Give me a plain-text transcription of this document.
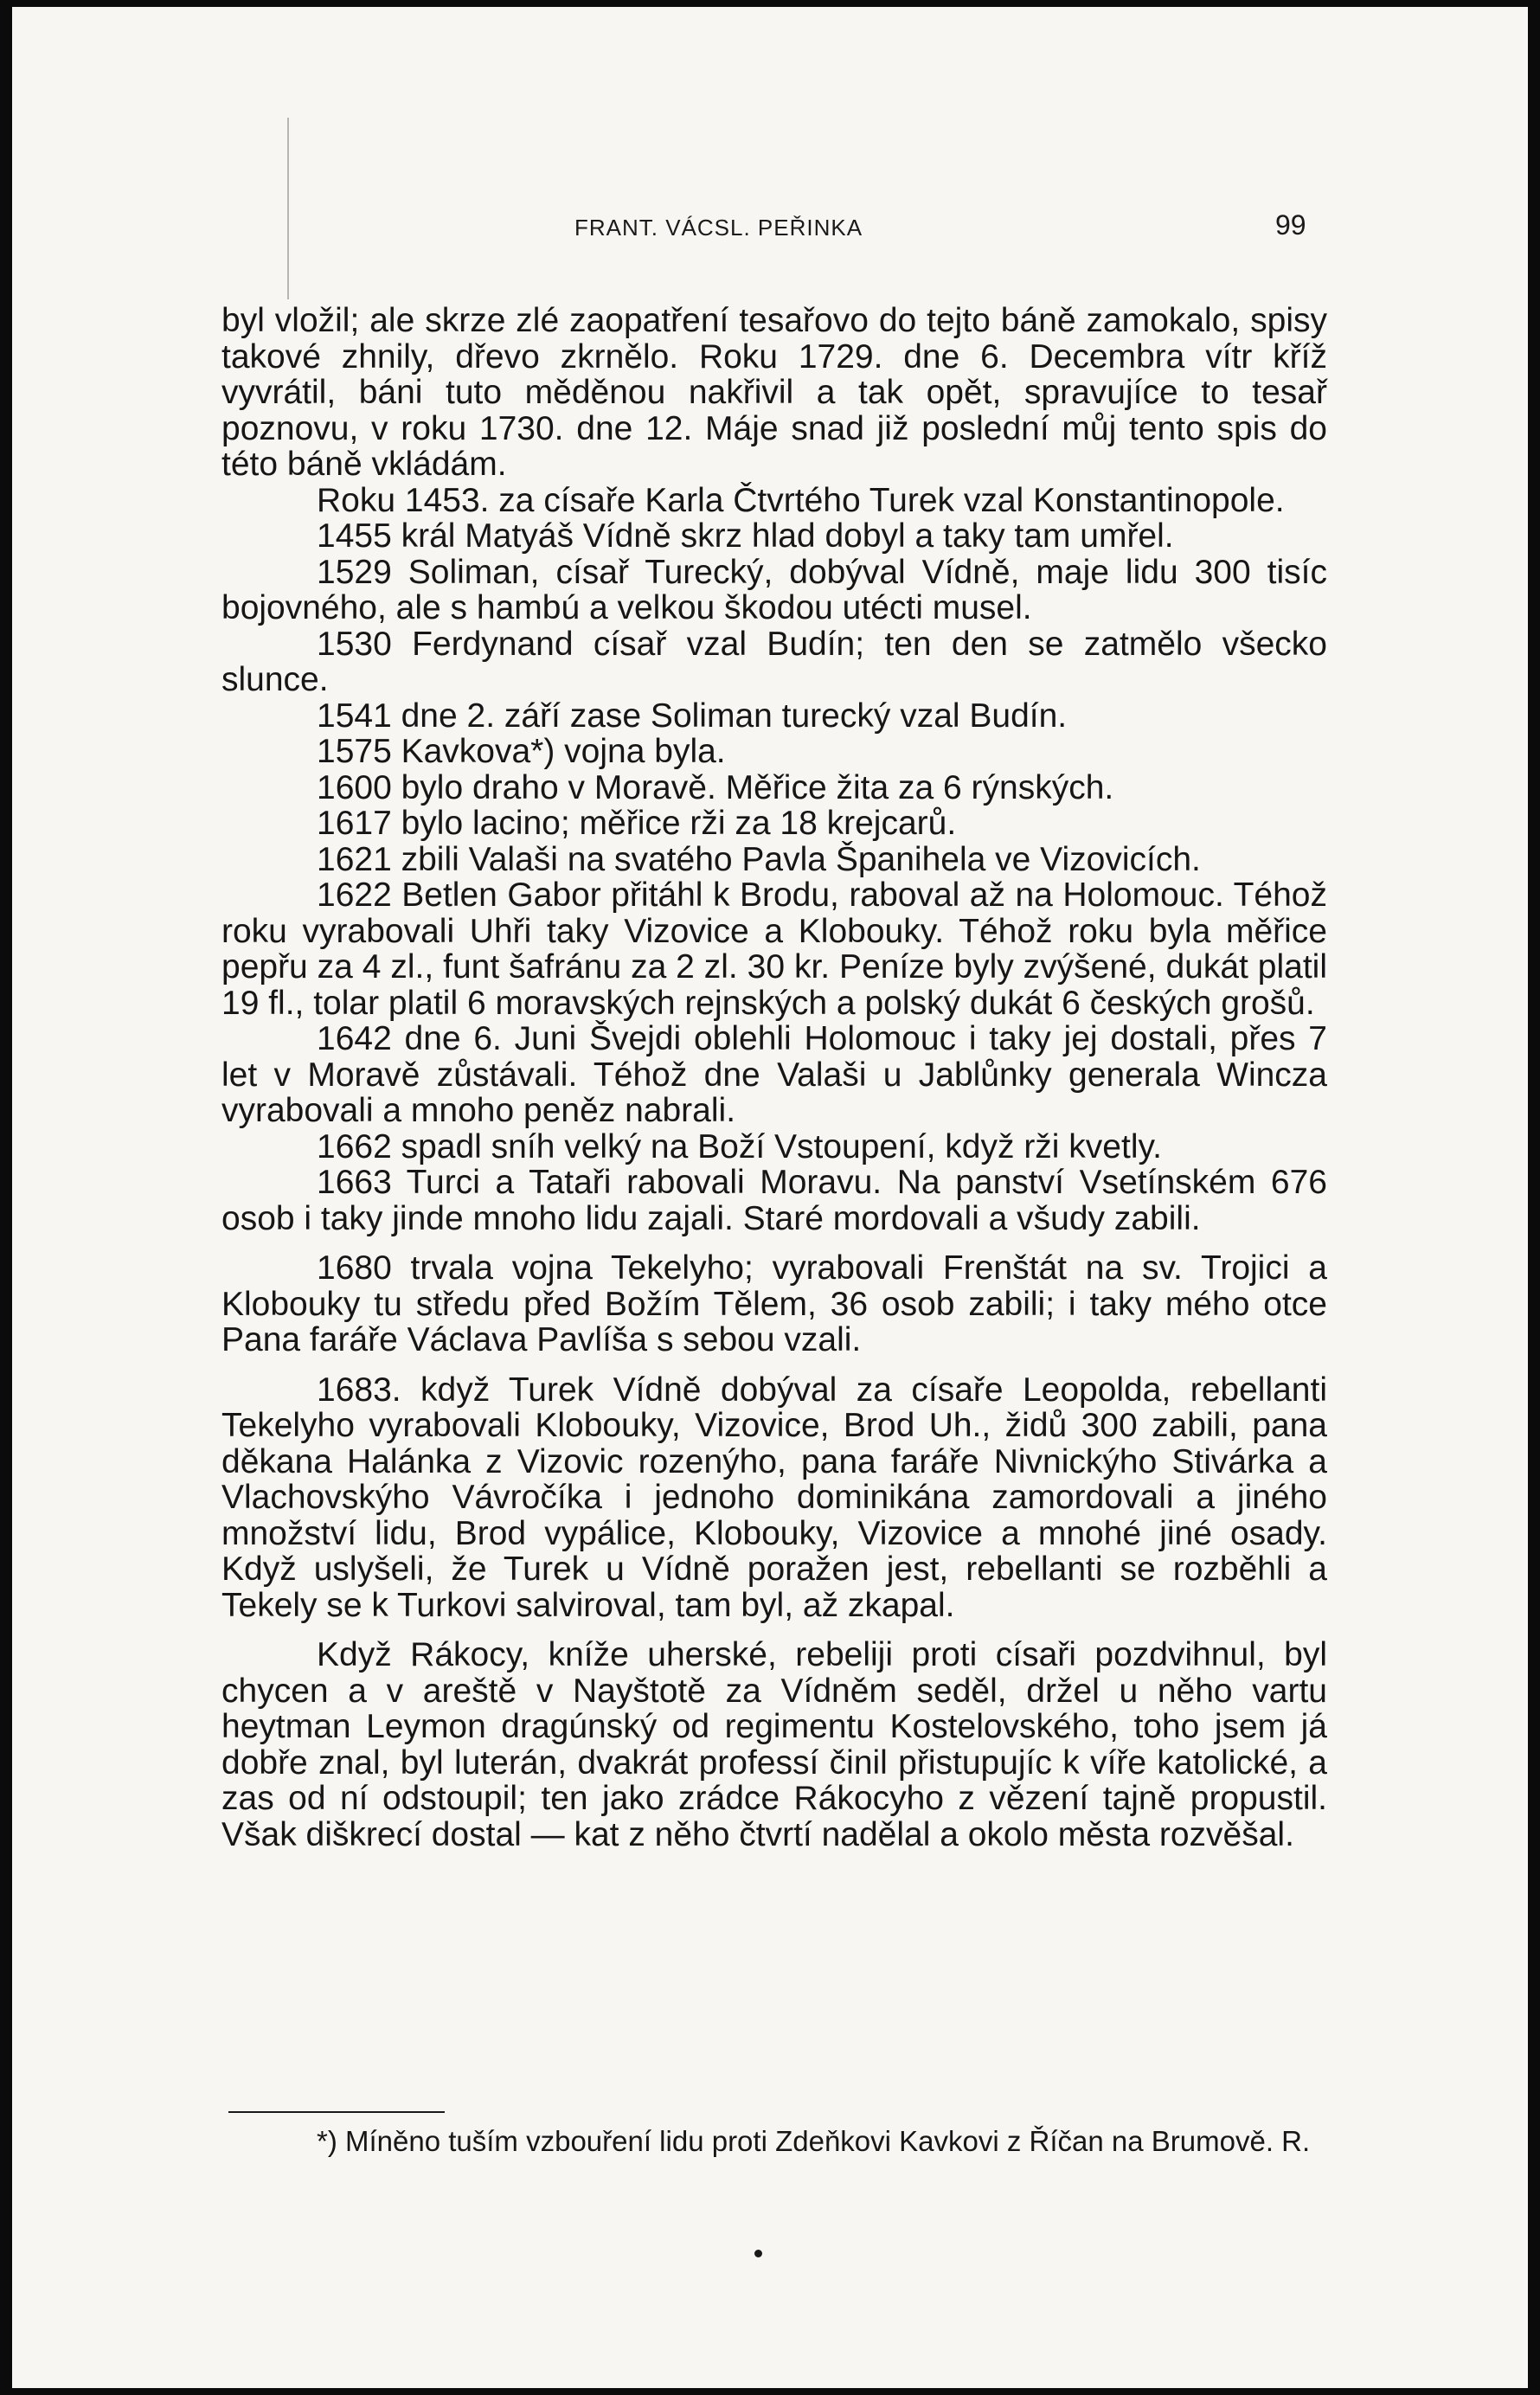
FRANT. VÁCSL. PEŘINKA	99

byl vložil; ale skrze zlé zaopatření tesařovo do tejto báně zamokalo, spisy takové zhnily, dřevo zkrnělo. Roku 1729. dne 6. Decembra vítr kříž vyvrátil, báni tuto měděnou nakřivil a tak opět, spravujíce to tesař poznovu, v roku 1730. dne 12. Máje snad již poslední můj tento spis do této báně vkládám.

Roku 1453. za císaře Karla Čtvrtého Turek vzal Konstantinopole.

1455 král Matyáš Vídně skrz hlad dobyl a taky tam umřel.

1529 Soliman, císař Turecký, dobýval Vídně, maje lidu 300 tisíc bojovného, ale s hambú a velkou škodou utécti musel.

1530 Ferdynand císař vzal Budín; ten den se zatmělo všecko slunce.

1541 dne 2. září zase Soliman turecký vzal Budín.

1575 Kavkova*) vojna byla.

1600 bylo draho v Moravě. Měřice žita za 6 rýnských.

1617 bylo lacino; měřice rži za 18 krejcarů.

1621 zbili Valaši na svatého Pavla Španihela ve Vizovicích.

1622 Betlen Gabor přitáhl k Brodu, raboval až na Holomouc. Téhož roku vyrabovali Uhři taky Vizovice a Klobouky. Téhož roku byla měřice pepřu za 4 zl., funt šafránu za 2 zl. 30 kr. Peníze byly zvýšené, dukát platil 19 fl., tolar platil 6 moravských rejnských a polský dukát 6 českých grošů.

1642 dne 6. Juni Švejdi oblehli Holomouc i taky jej dostali, přes 7 let v Moravě zůstávali. Téhož dne Valaši u Jablůnky generala Wincza vyrabovali a mnoho peněz nabrali.

1662 spadl sníh velký na Boží Vstoupení, když rži kvetly.

1663 Turci a Tataři rabovali Moravu. Na panství Vsetínském 676 osob i taky jinde mnoho lidu zajali. Staré mordovali a všudy zabili.

1680 trvala vojna Tekelyho; vyrabovali Frenštát na sv. Trojici a Klobouky tu středu před Božím Tělem, 36 osob zabili; i taky mého otce Pana faráře Václava Pavlíša s sebou vzali.

1683. když Turek Vídně dobýval za císaře Leopolda, rebellanti Tekelyho vyrabovali Klobouky, Vizovice, Brod Uh., židů 300 zabili, pana děkana Halánka z Vizovic rozenýho, pana faráře Nivnickýho Stivárka a Vlachovskýho Vávročíka i jednoho dominikána zamordovali a jiného množství lidu, Brod vypálice, Klobouky, Vizovice a mnohé jiné osady. Když uslyšeli, že Turek u Vídně poražen jest, rebellanti se rozběhli a Tekely se k Turkovi salviroval, tam byl, až zkapal.

Když Rákocy, kníže uherské, rebeliji proti císaři pozdvihnul, byl chycen a v areště v Nayštotě za Vídněm seděl, držel u něho vartu heytman Leymon dragúnský od regimentu Kostelovského, toho jsem já dobře znal, byl luterán, dvakrát professí činil přistupujíc k víře katolické, a zas od ní odstoupil; ten jako zrádce Rákocyho z vězení tajně propustil. Však diškrecí dostal — kat z něho čtvrtí nadělal a okolo města rozvěšal.

*) Míněno tuším vzbouření lidu proti Zdeňkovi Kavkovi z Říčan na Brumově. R.
